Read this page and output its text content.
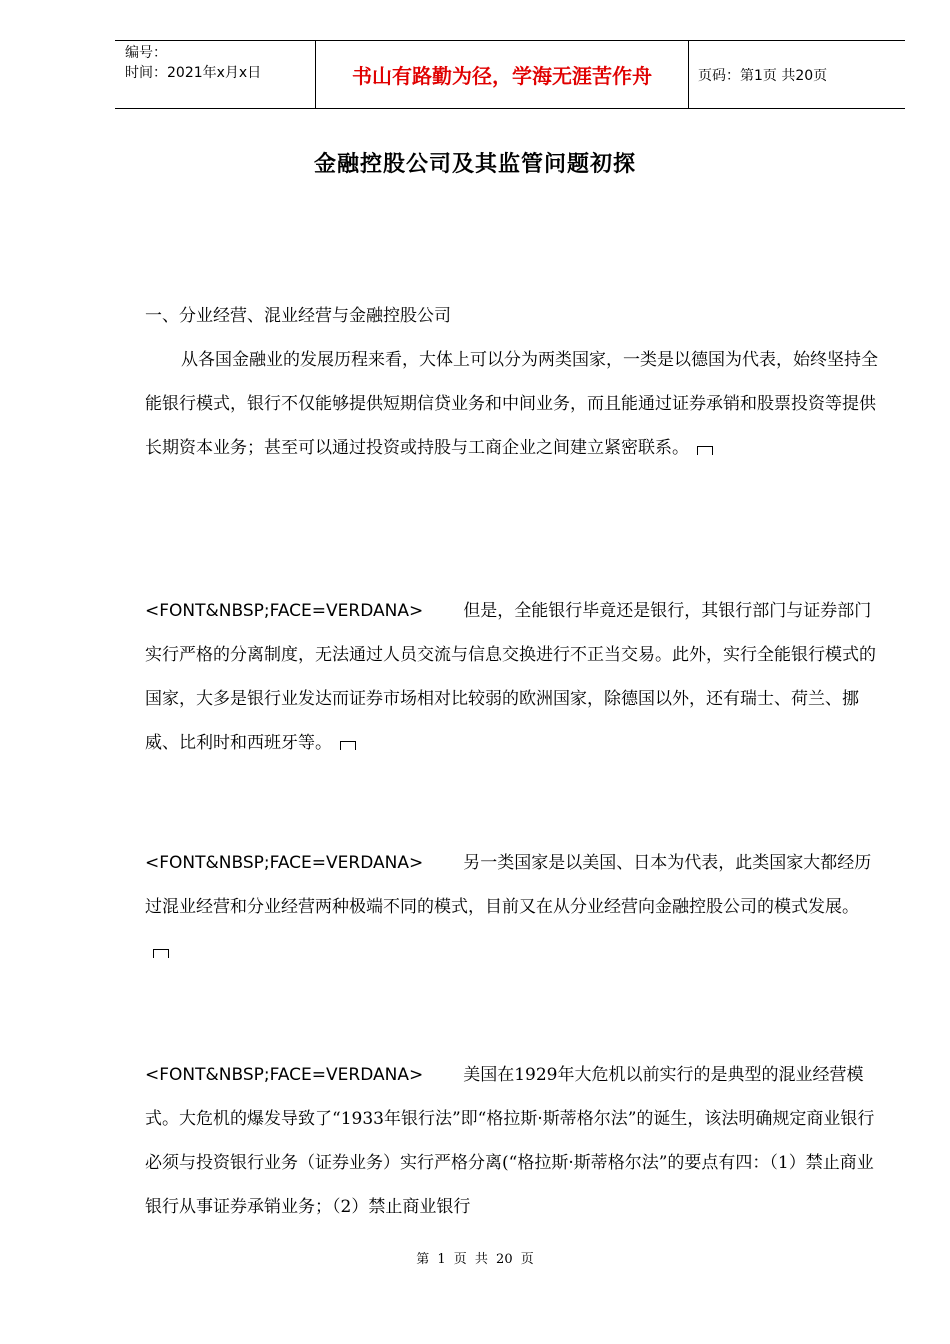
编号：
时间：2021年x月x日	书山有路勤为径，学海无涯苦作舟	页码：第1页 共20页
金融控股公司及其监管问题初探

一、分业经营、混业经营与金融控股公司

从各国金融业的发展历程来看，大体上可以分为两类国家，一类是以德国为代表，始终坚持全能银行模式，银行不仅能够提供短期信贷业务和中间业务，而且能通过证券承销和股票投资等提供长期资本业务；甚至可以通过投资或持股与工商企业之间建立紧密联系。

<FONT&NBSP;FACE=VERDANA> 但是，全能银行毕竟还是银行，其银行部门与证券部门实行严格的分离制度，无法通过人员交流与信息交换进行不正当交易。此外，实行全能银行模式的国家，大多是银行业发达而证券市场相对比较弱的欧洲国家，除德国以外，还有瑞士、荷兰、挪威、比利时和西班牙等。

<FONT&NBSP;FACE=VERDANA> 另一类国家是以美国、日本为代表，此类国家大都经历过混业经营和分业经营两种极端不同的模式，目前又在从分业经营向金融控股公司的模式发展。

<FONT&NBSP;FACE=VERDANA> 美国在1929年大危机以前实行的是典型的混业经营模式。大危机的爆发导致了“1933年银行法”即“格拉斯·斯蒂格尔法”的诞生，该法明确规定商业银行必须与投资银行业务（证券业务）实行严格分离(“格拉斯·斯蒂格尔法”的要点有四：（1）禁止商业银行从事证券承销业务；（2）禁止商业银行

第 1 页 共 20 页
